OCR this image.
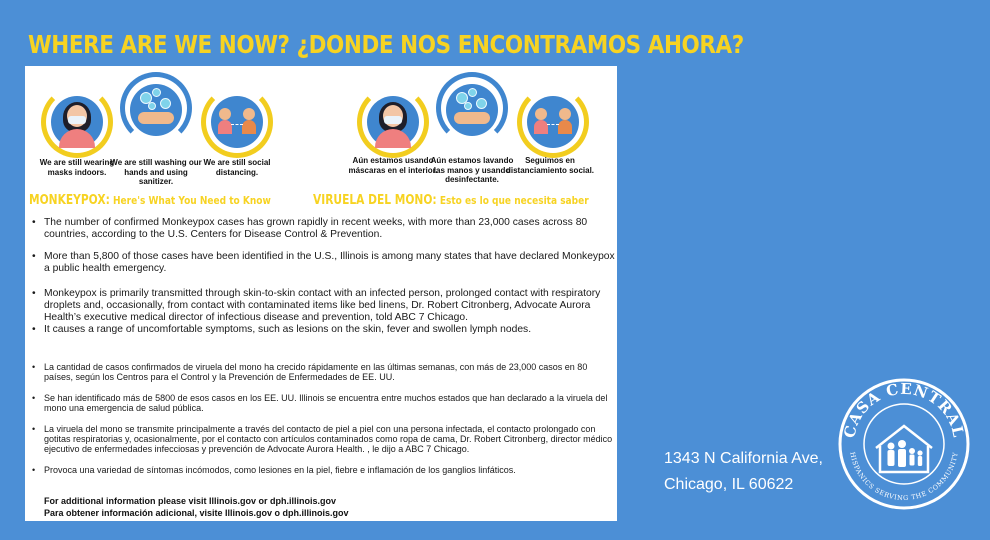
WHERE ARE WE NOW? ¿DONDE NOS ENCONTRAMOS AHORA?
We are still wearing masks indoors.
We are still washing our hands and using sanitizer.
We are still social distancing.
Aún estamos usando máscaras en el interior.
Aún estamos lavando las manos y usando desinfectante.
Seguimos en distanciamiento social.
MONKEYPOX: Here's What You Need to Know	VIRUELA DEL MONO: Esto es lo que necesita saber
• The number of confirmed Monkeypox cases has grown rapidly in recent weeks, with more than 23,000 cases across 80 countries, according to the U.S. Centers for Disease Control & Prevention.
• More than 5,800 of those cases have been identified in the U.S., Illinois is among many states that have declared Monkeypox a public health emergency.
• Monkeypox is primarily transmitted through skin-to-skin contact with an infected person, prolonged contact with respiratory droplets and, occasionally, from contact with contaminated items like bed linens, Dr. Robert Citronberg, Advocate Aurora Health’s executive medical director of infectious disease and prevention, told ABC 7 Chicago.
• It causes a range of uncomfortable symptoms, such as lesions on the skin, fever and swollen lymph nodes.
• La cantidad de casos confirmados de viruela del mono ha crecido rápidamente en las últimas semanas, con más de 23,000 casos en 80 países, según los Centros para el Control y la Prevención de Enfermedades de EE. UU.
• Se han identificado más de 5800 de esos casos en los EE. UU. Illinois se encuentra entre muchos estados que han declarado a la viruela del mono una emergencia de salud pública.
• La viruela del mono se transmite principalmente a través del contacto de piel a piel con una persona infectada, el contacto prolongado con gotitas respiratorias y, ocasionalmente, por el contacto con artículos contaminados como ropa de cama, Dr. Robert Citronberg, director médico ejecutivo de enfermedades infecciosas y prevención de Advocate Aurora Health. , le dijo a ABC 7 Chicago.
• Provoca una variedad de síntomas incómodos, como lesiones en la piel, fiebre e inflamación de los ganglios linfáticos.
For additional information please visit Illinois.gov or dph.illinois.gov
Para obtener información adicional, visite Illinois.gov o dph.illinois.gov
1343 N California Ave,
Chicago, IL 60622
CASA CENTRAL
HISPANICS SERVING THE COMMUNITY
